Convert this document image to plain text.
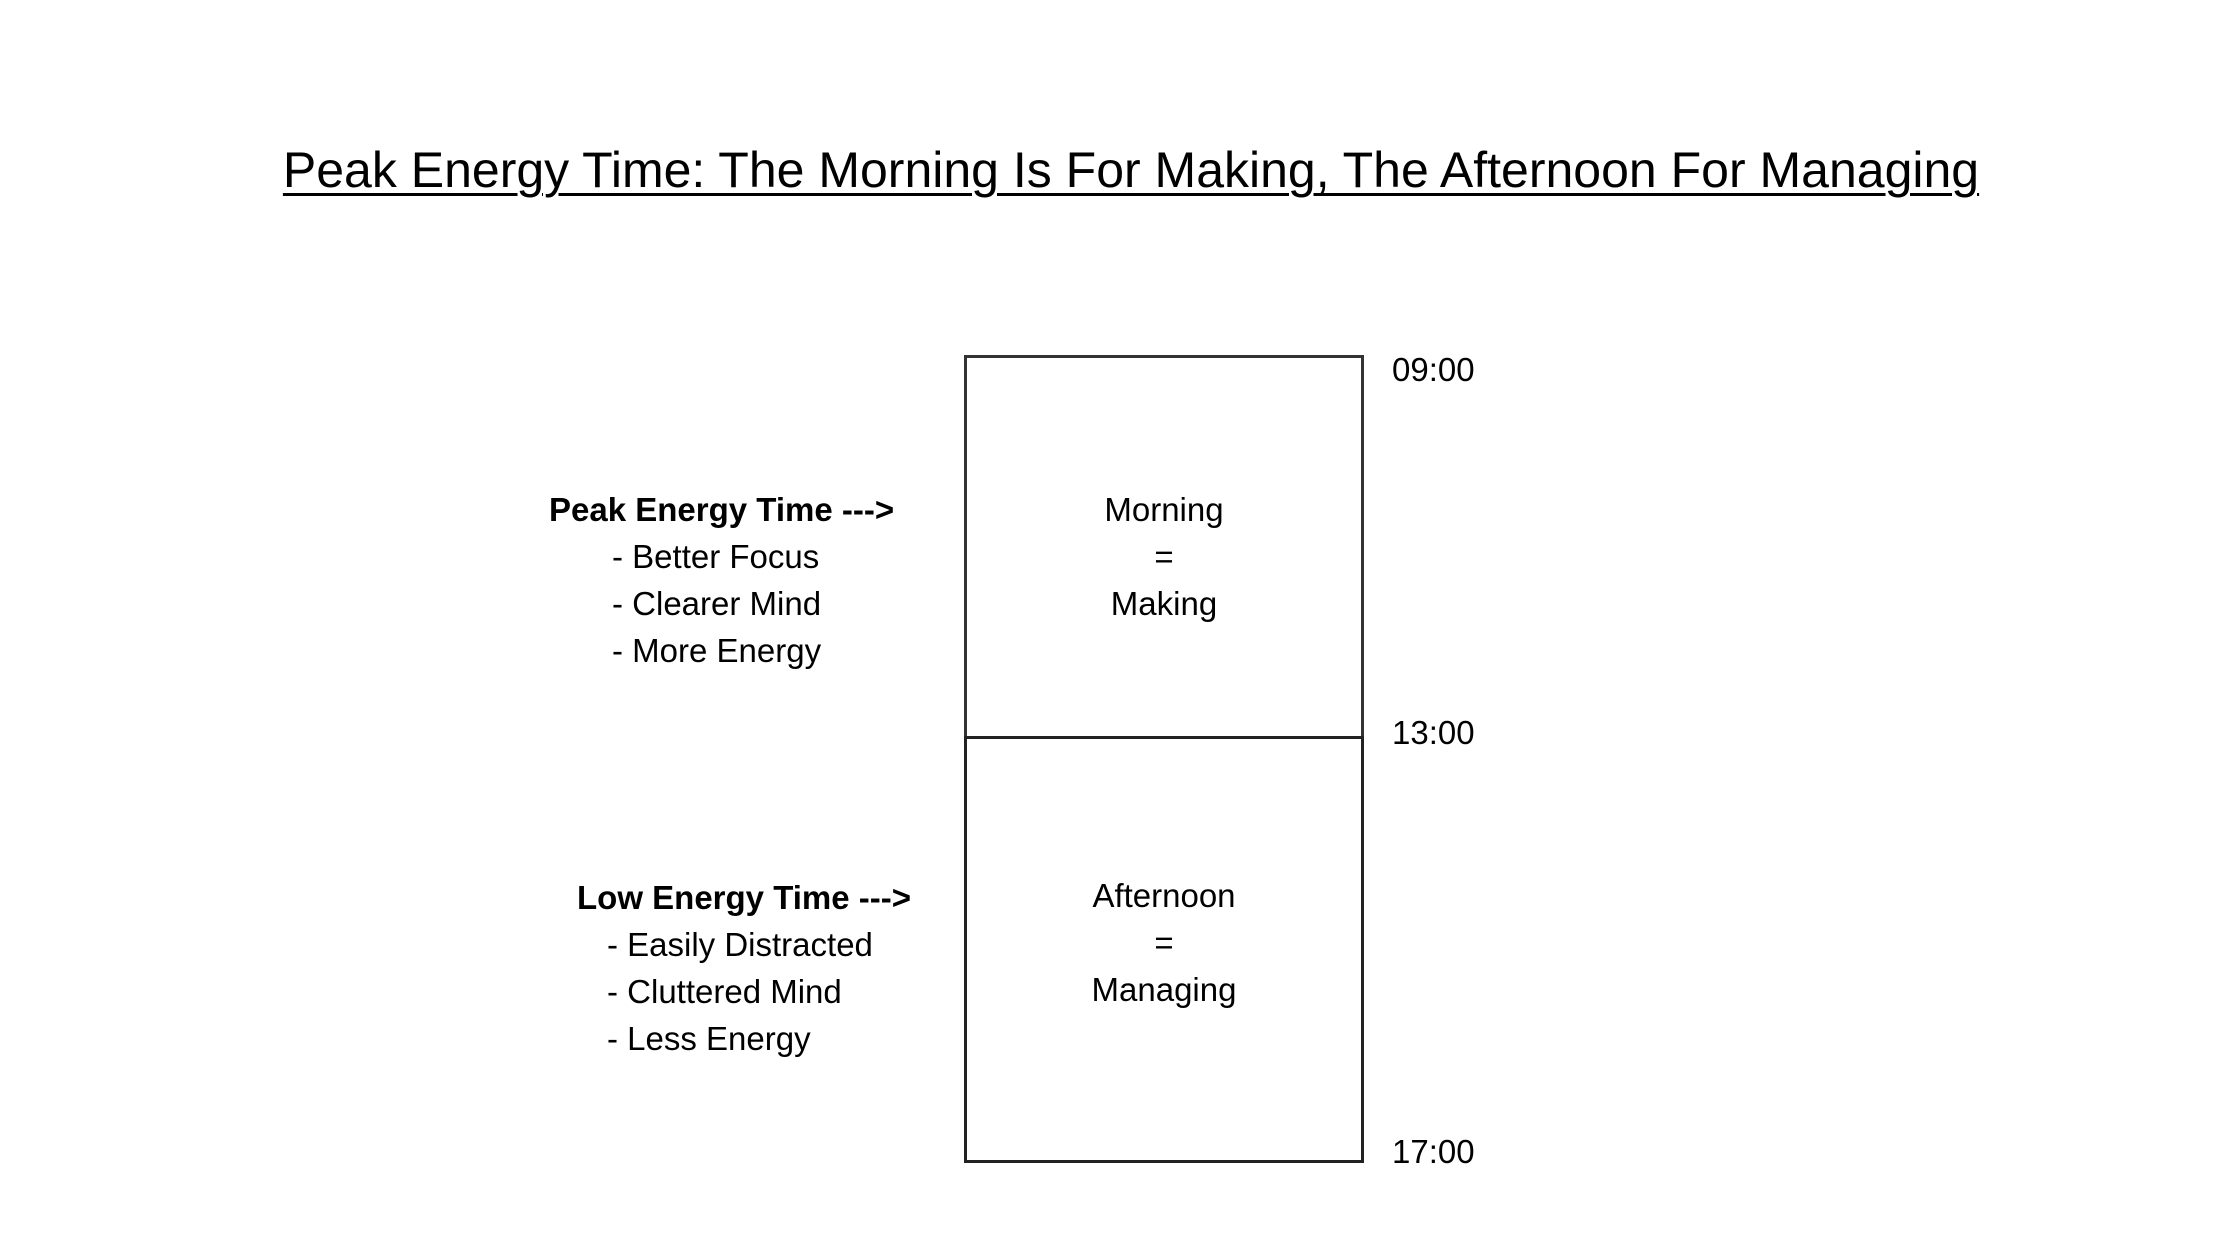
Peak Energy Time: The Morning Is For Making, The Afternoon For Managing
Morning
=
Making
Afternoon
=
Managing
09:00
13:00
17:00
Peak Energy Time --->
- Better Focus
- Clearer Mind
- More Energy
Low Energy Time --->
- Easily Distracted
- Cluttered Mind
- Less Energy
